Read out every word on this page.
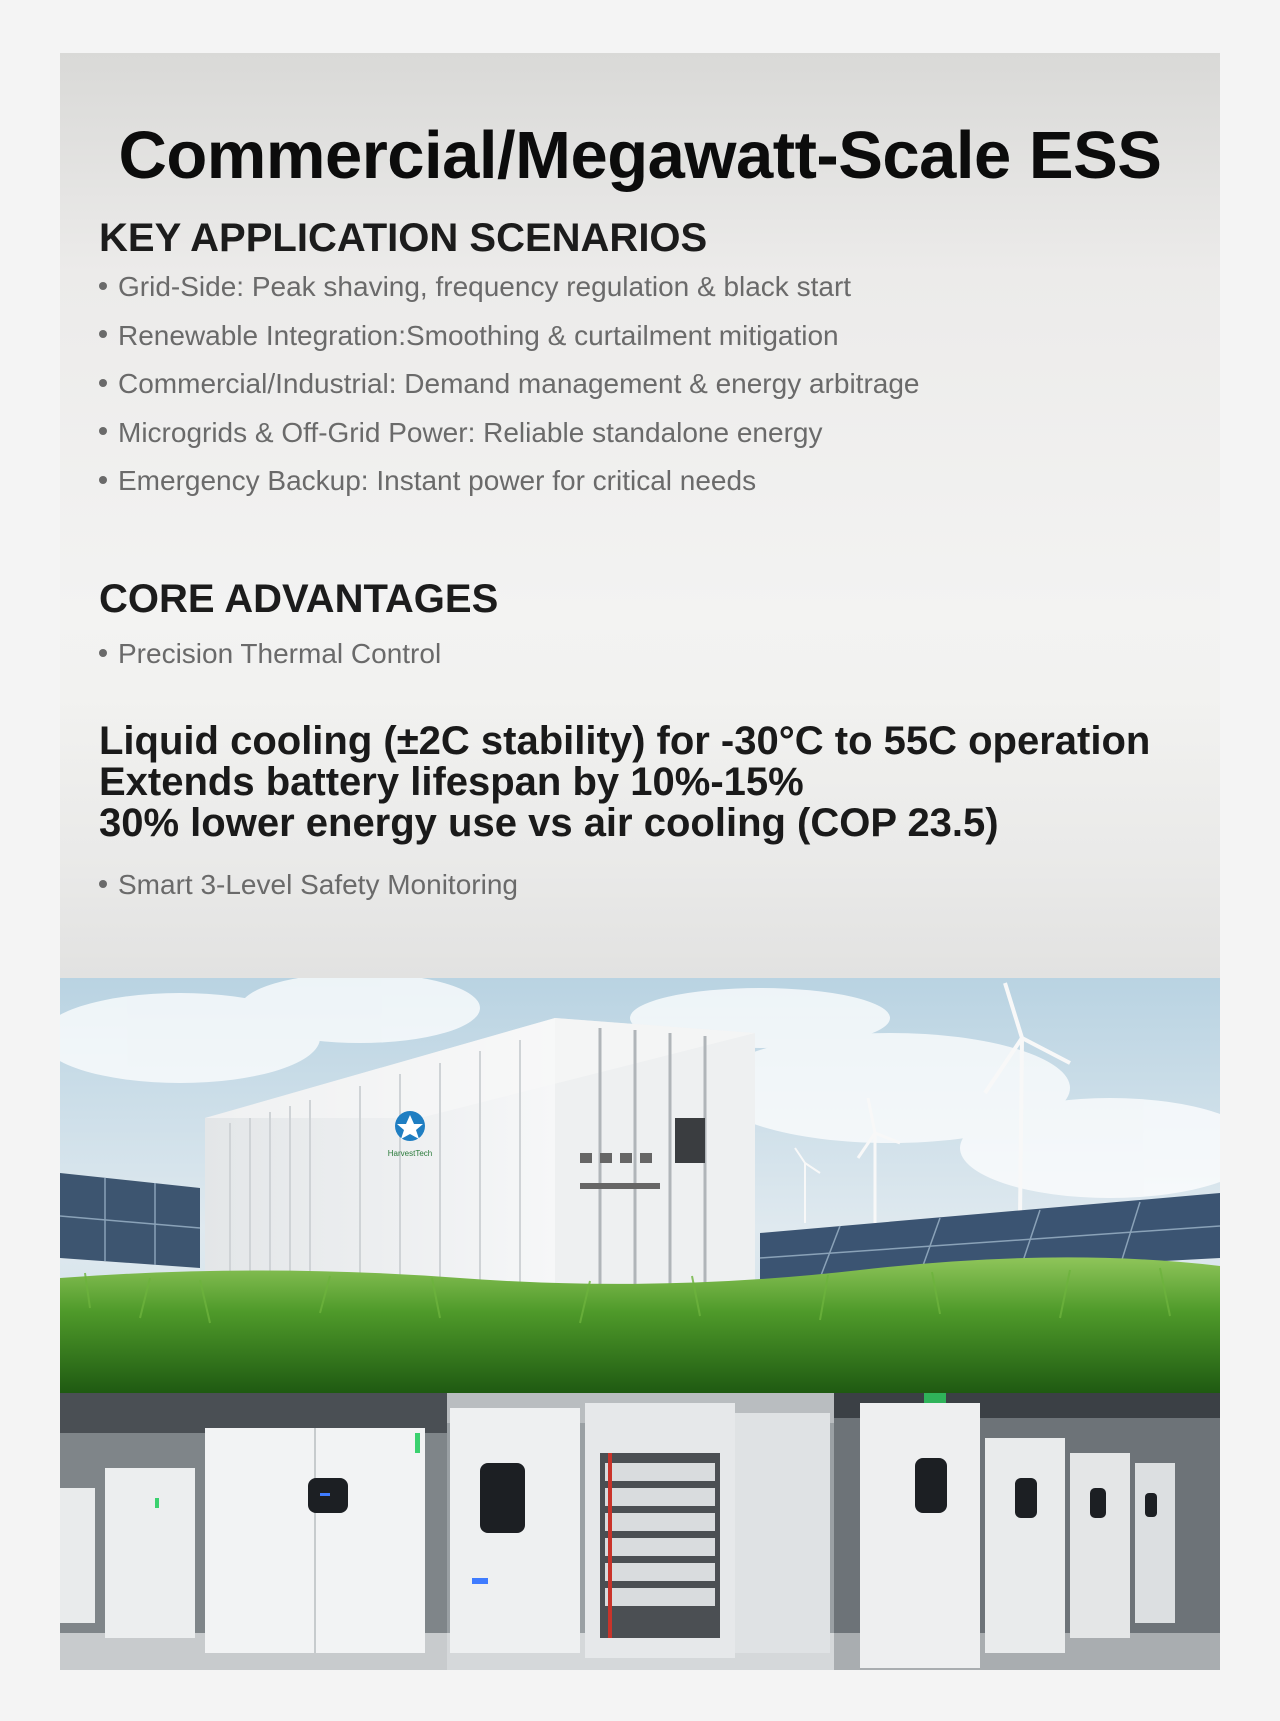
Commercial/Megawatt-Scale ESS
KEY APPLICATION SCENARIOS
Grid-Side: Peak shaving, frequency regulation & black start
Renewable Integration:Smoothing & curtailment mitigation
Commercial/Industrial: Demand management & energy arbitrage
Microgrids & Off-Grid Power: Reliable standalone energy
Emergency Backup: Instant power for critical needs
CORE ADVANTAGES
Precision Thermal Control
Liquid cooling (±2C stability) for -30°C to 55C operation
Extends battery lifespan by 10%-15%
30% lower energy use vs air cooling (COP 23.5)
Smart 3-Level Safety Monitoring
HarvestTech
